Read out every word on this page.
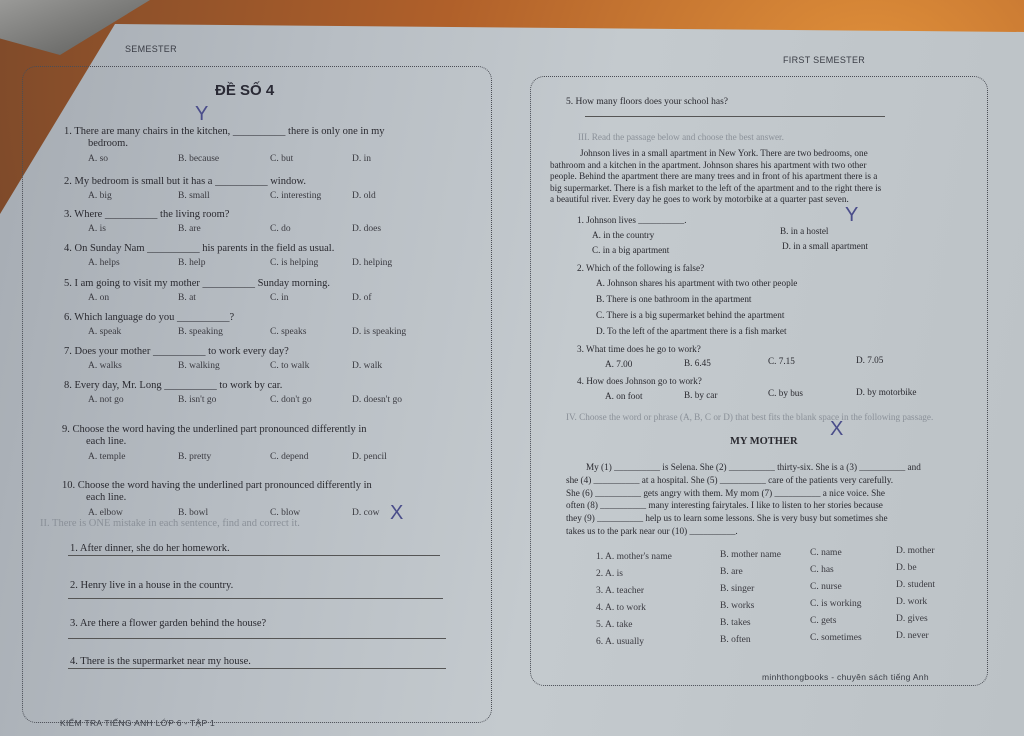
SEMESTER
FIRST SEMESTER
ĐỀ SỐ 4
Y
1. There are many chairs in the kitchen, __________ there is only one in my
bedroom.
A. so	B. because	C. but	D. in
2. My bedroom is small but it has a __________ window.
A. big	B. small	C. interesting	D. old
3. Where __________ the living room?
A. is	B. are	C. do	D. does
4. On Sunday Nam __________ his parents in the field as usual.
A. helps	B. help	C. is helping	D. helping
5. I am going to visit my mother __________ Sunday morning.
A. on	B. at	C. in	D. of
6. Which language do you __________?
A. speak	B. speaking	C. speaks	D. is speaking
7. Does your mother __________ to work every day?
A. walks	B. walking	C. to walk	D. walk
8. Every day, Mr. Long __________ to work by car.
A. not go	B. isn't go	C. don't go	D. doesn't go
9. Choose the word having the underlined part pronounced differently in
each line.
A. temple	B. pretty	C. depend	D. pencil
10. Choose the word having the underlined part pronounced differently in
each line.
A. elbow	B. bowl	C. blow	D. cow
II. There is ONE mistake in each sentence, find and correct it.	X
1. After dinner, she do her homework.
2. Henry live in a house in the country.
3. Are there a flower garden behind the house?
4. There is the supermarket near my house.
KIỂM TRA TIẾNG ANH LỚP 6 - TẬP 1
5. How many floors does your school has?
III. Read the passage below and choose the best answer.
Johnson lives in a small apartment in New York. There are two bedrooms, one
bathroom and a kitchen in the apartment. Johnson shares his apartment with two other
people. Behind the apartment there are many trees and in front of his apartment there is a
big supermarket. There is a fish market to the left of the apartment and to the right there is
a beautiful river. Every day he goes to work by motorbike at a quarter past seven.
1. Johnson lives __________.
A. in the country	B. in a hostel
C. in a big apartment	D. in a small apartment
2. Which of the following is false?
A. Johnson shares his apartment with two other people
B. There is one bathroom in the apartment
C. There is a big supermarket behind the apartment
D. To the left of the apartment there is a fish market
3. What time does he go to work?
A. 7.00	B. 6.45	C. 7.15	D. 7.05
4. How does Johnson go to work?
A. on foot	B. by car	C. by bus	D. by motorbike
Y
IV. Choose the word or phrase (A, B, C or D) that best fits the blank space in the following passage.
MY MOTHER
X
My (1) __________ is Selena. She (2) __________ thirty-six. She is a (3) __________ and
she (4) __________ at a hospital. She (5) __________ care of the patients very carefully.
She (6) __________ gets angry with them. My mom (7) __________ a nice voice. She
often (8) __________ many interesting fairytales. I like to listen to her stories because
they (9) __________ help us to learn some lessons. She is very busy but sometimes she
takes us to the park near our (10) __________.
1. A. mother's name	B. mother name	C. name	D. mother
2. A. is	B. are	C. has	D. be
3. A. teacher	B. singer	C. nurse	D. student
4. A. to work	B. works	C. is working	D. work
5. A. take	B. takes	C. gets	D. gives
6. A. usually	B. often	C. sometimes	D. never
minhthongbooks - chuyên sách tiếng Anh
